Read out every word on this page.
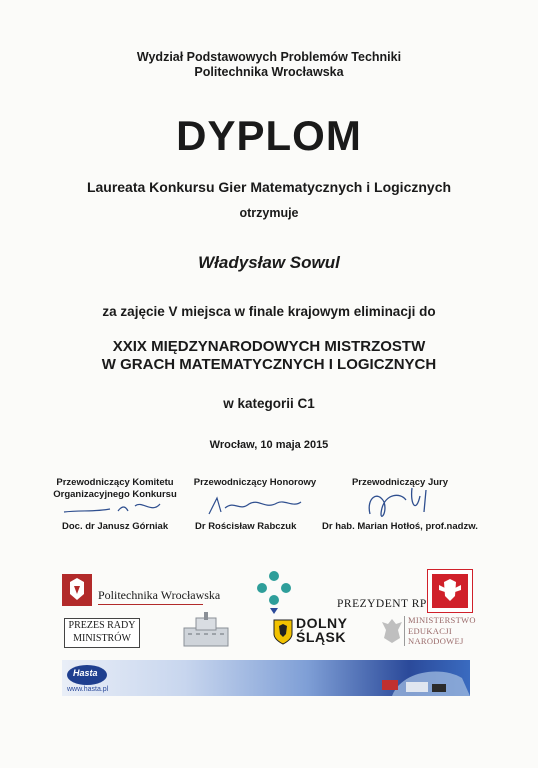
Wydział Podstawowych Problemów Techniki
Politechnika Wrocławska
DYPLOM
Laureata Konkursu Gier Matematycznych i Logicznych
otrzymuje
Władysław Sowul
za zajęcie V miejsca w finale krajowym eliminacji do
XXIX MIĘDZYNARODOWYCH MISTRZOSTW
W GRACH MATEMATYCZNYCH I LOGICZNYCH
w kategorii C1
Wrocław, 10 maja 2015
Przewodniczący Komitetu
Organizacyjnego Konkursu
Przewodniczący Honorowy	Przewodniczący Jury
Doc. dr Janusz Górniak	Dr Rościsław Rabczuk	Dr hab. Marian Hotłoś, prof.nadzw.
Politechnika Wrocławska
PREZYDENT RP
PREZES RADY
MINISTRÓW
DOLNY
ŚLĄSK
MINISTERSTWO
EDUKACJI
NARODOWEJ
Hasta
www.hasta.pl
